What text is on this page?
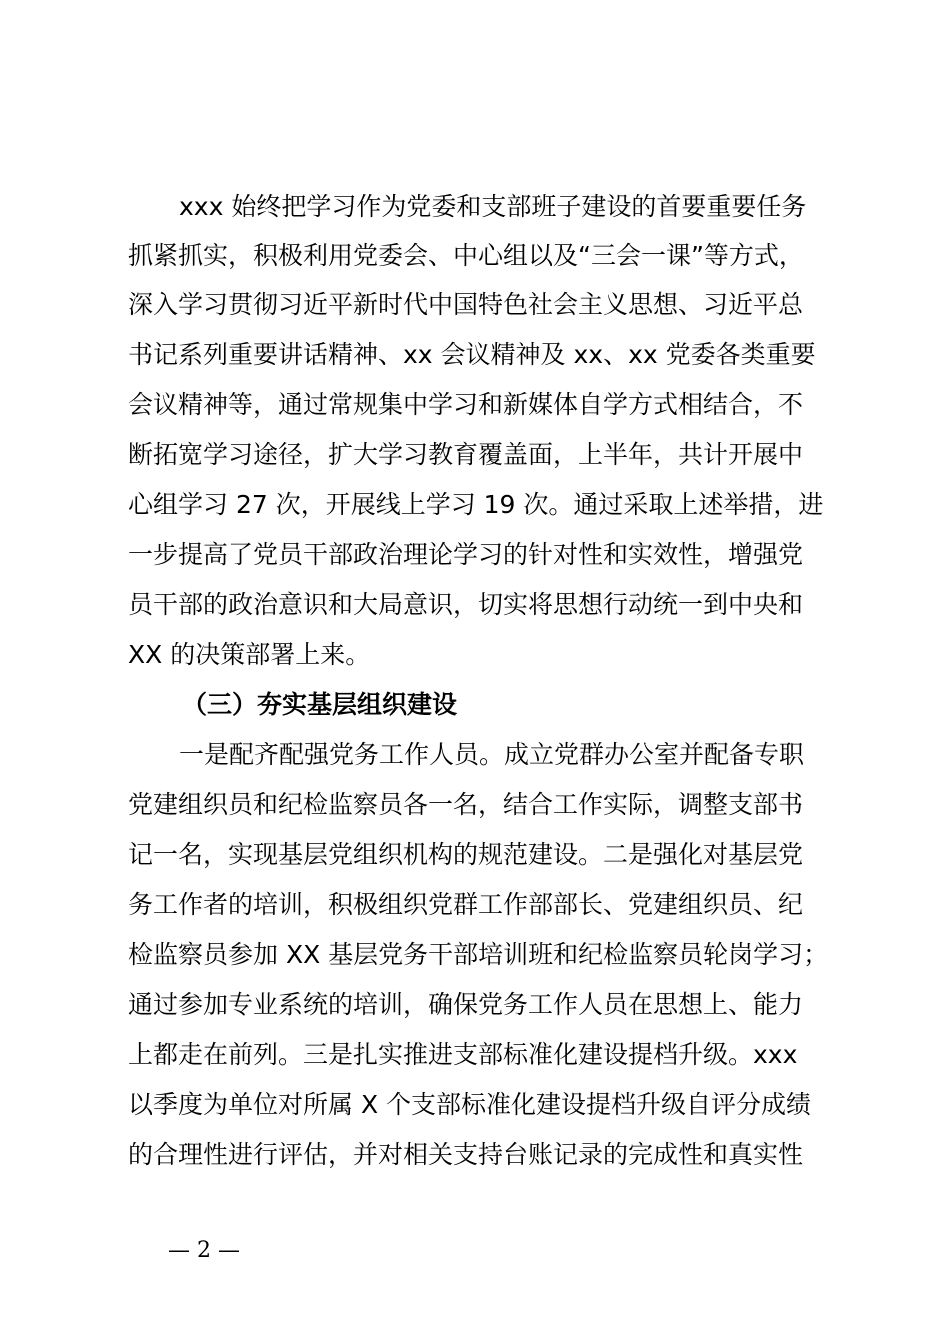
xxx 始终把学习作为党委和支部班子建设的首要重要任务
抓紧抓实，积极利用党委会、中心组以及“三会一课”等方式，
深入学习贯彻习近平新时代中国特色社会主义思想、习近平总
书记系列重要讲话精神、xx 会议精神及 xx、xx 党委各类重要
会议精神等，通过常规集中学习和新媒体自学方式相结合，不
断拓宽学习途径，扩大学习教育覆盖面，上半年，共计开展中
心组学习 27 次，开展线上学习 19 次。通过采取上述举措，进
一步提高了党员干部政治理论学习的针对性和实效性，增强党
员干部的政治意识和大局意识，切实将思想行动统一到中央和
XX 的决策部署上来。
（三）夯实基层组织建设
一是配齐配强党务工作人员。成立党群办公室并配备专职
党建组织员和纪检监察员各一名，结合工作实际，调整支部书
记一名，实现基层党组织机构的规范建设。二是强化对基层党
务工作者的培训，积极组织党群工作部部长、党建组织员、纪
检监察员参加 XX 基层党务干部培训班和纪检监察员轮岗学习；
通过参加专业系统的培训，确保党务工作人员在思想上、能力
上都走在前列。三是扎实推进支部标准化建设提档升级。xxx
以季度为单位对所属 X 个支部标准化建设提档升级自评分成绩
的合理性进行评估，并对相关支持台账记录的完成性和真实性
— 2 —
